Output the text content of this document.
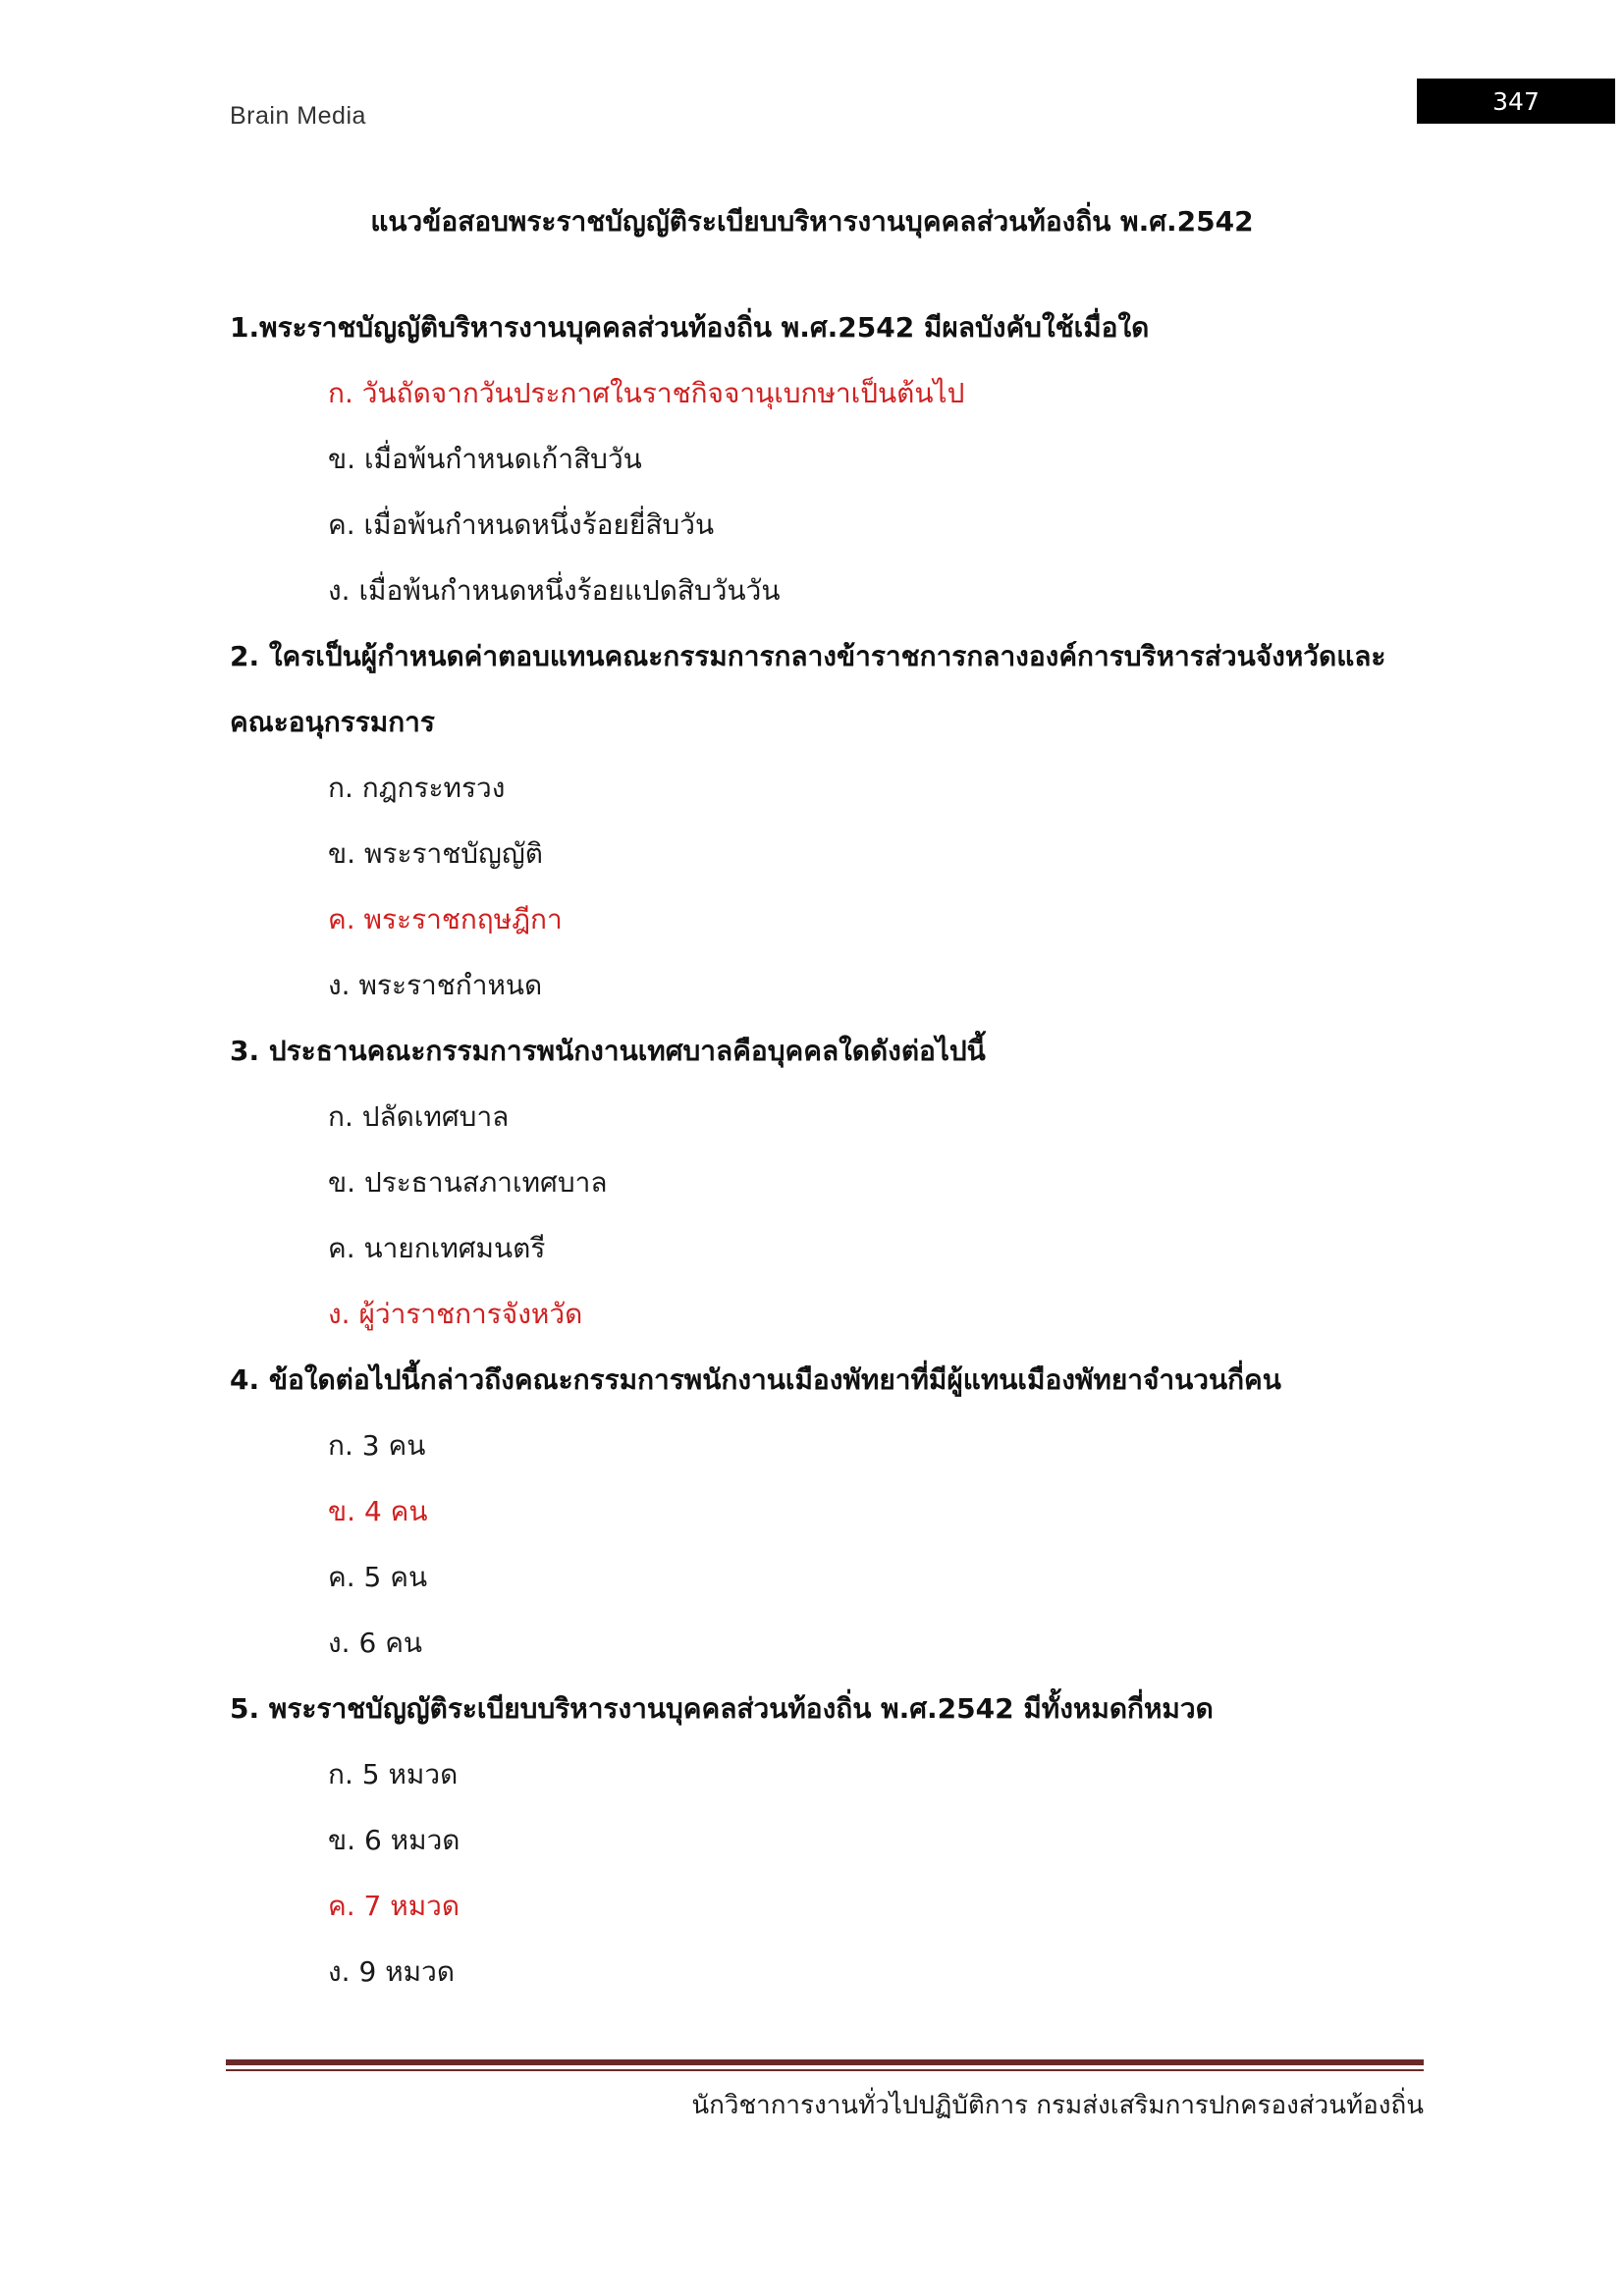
Brain Media
347
แนวข้อสอบพระราชบัญญัติระเบียบบริหารงานบุคคลส่วนท้องถิ่น พ.ศ.2542

1.พระราชบัญญัติบริหารงานบุคคลส่วนท้องถิ่น พ.ศ.2542 มีผลบังคับใช้เมื่อใด

ก. วันถัดจากวันประกาศในราชกิจจานุเบกษาเป็นต้นไป
ข. เมื่อพ้นกำหนดเก้าสิบวัน
ค. เมื่อพ้นกำหนดหนึ่งร้อยยี่สิบวัน
ง. เมื่อพ้นกำหนดหนึ่งร้อยแปดสิบวันวัน

2. ใครเป็นผู้กำหนดค่าตอบแทนคณะกรรมการกลางข้าราชการกลางองค์การบริหารส่วนจังหวัดและคณะอนุกรรมการ

ก. กฎกระทรวง
ข. พระราชบัญญัติ
ค. พระราชกฤษฎีกา
ง. พระราชกำหนด

3. ประธานคณะกรรมการพนักงานเทศบาลคือบุคคลใดดังต่อไปนี้

ก. ปลัดเทศบาล
ข. ประธานสภาเทศบาล
ค. นายกเทศมนตรี
ง. ผู้ว่าราชการจังหวัด

4. ข้อใดต่อไปนี้กล่าวถึงคณะกรรมการพนักงานเมืองพัทยาที่มีผู้แทนเมืองพัทยาจำนวนกี่คน

ก. 3 คน
ข. 4 คน
ค. 5 คน
ง. 6 คน

5. พระราชบัญญัติระเบียบบริหารงานบุคคลส่วนท้องถิ่น พ.ศ.2542 มีทั้งหมดกี่หมวด

ก. 5 หมวด
ข. 6 หมวด
ค. 7 หมวด
ง. 9 หมวด
นักวิชาการงานทั่วไปปฏิบัติการ กรมส่งเสริมการปกครองส่วนท้องถิ่น
